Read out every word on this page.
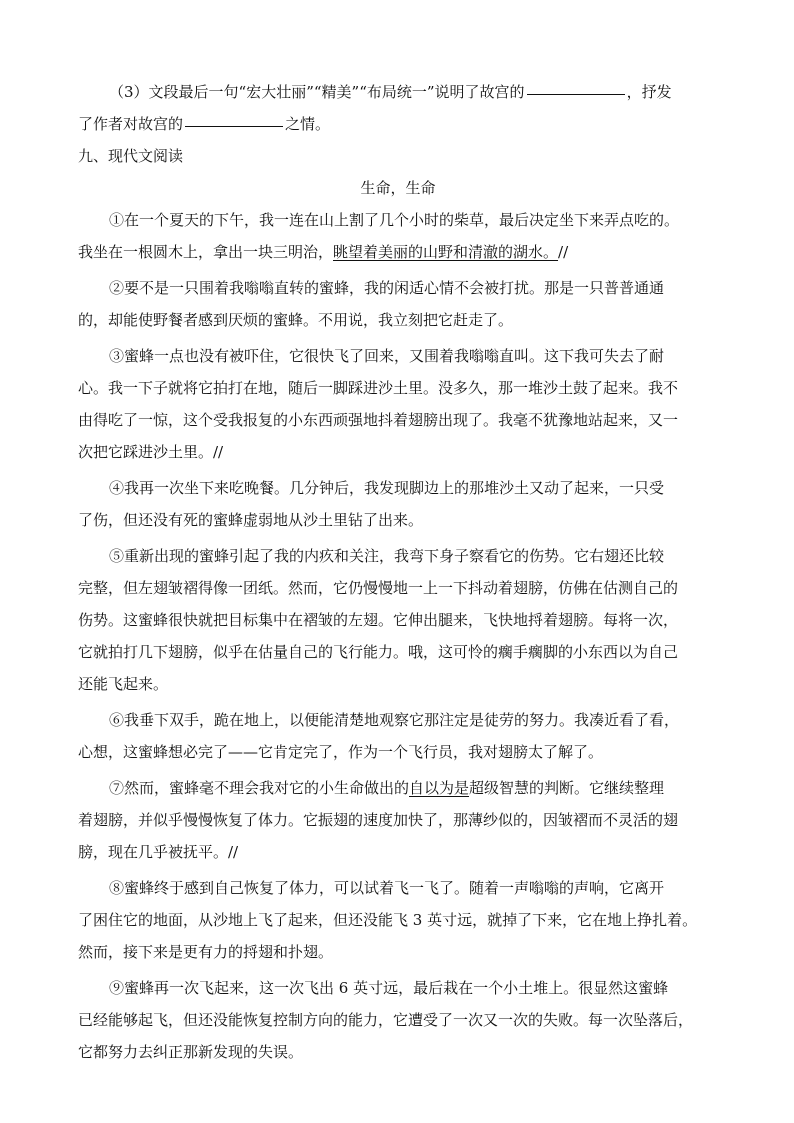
（3）文段最后一句“宏大壮丽”“精美”“布局统一”说明了故宫的	，抒发
了作者对故宫的	之情。
九、现代文阅读
生命，生命
①在一个夏天的下午，我一连在山上割了几个小时的柴草，最后决定坐下来弄点吃的。
我坐在一根圆木上，拿出一块三明治，眺望着美丽的山野和清澈的湖水。//
②要不是一只围着我嗡嗡直转的蜜蜂，我的闲适心情不会被打扰。那是一只普普通通
的，却能使野餐者感到厌烦的蜜蜂。不用说，我立刻把它赶走了。
③蜜蜂一点也没有被吓住，它很快飞了回来，又围着我嗡嗡直叫。这下我可失去了耐
心。我一下子就将它拍打在地，随后一脚踩进沙土里。没多久，那一堆沙土鼓了起来。我不
由得吃了一惊，这个受我报复的小东西顽强地抖着翅膀出现了。我毫不犹豫地站起来，又一
次把它踩进沙土里。//
④我再一次坐下来吃晚餐。几分钟后，我发现脚边上的那堆沙土又动了起来，一只受
了伤，但还没有死的蜜蜂虚弱地从沙土里钻了出来。
⑤重新出现的蜜蜂引起了我的内疚和关注，我弯下身子察看它的伤势。它右翅还比较
完整，但左翅皱褶得像一团纸。然而，它仍慢慢地一上一下抖动着翅膀，仿佛在估测自己的
伤势。这蜜蜂很快就把目标集中在褶皱的左翅。它伸出腿来，飞快地捋着翅膀。每将一次，
它就拍打几下翅膀，似乎在估量自己的飞行能力。哦，这可怜的瘸手瘸脚的小东西以为自己
还能飞起来。
⑥我垂下双手，跪在地上，以便能清楚地观察它那注定是徒劳的努力。我凑近看了看，
心想，这蜜蜂想必完了——它肯定完了，作为一个飞行员，我对翅膀太了解了。
⑦然而，蜜蜂毫不理会我对它的小生命做出的自以为是超级智慧的判断。它继续整理
着翅膀，并似乎慢慢恢复了体力。它振翅的速度加快了，那薄纱似的，因皱褶而不灵活的翅
膀，现在几乎被抚平。//
⑧蜜蜂终于感到自己恢复了体力，可以试着飞一飞了。随着一声嗡嗡的声响，它离开
了困住它的地面，从沙地上飞了起来，但还没能飞 3 英寸远，就掉了下来，它在地上挣扎着。
然而，接下来是更有力的捋翅和扑翅。
⑨蜜蜂再一次飞起来，这一次飞出 6 英寸远，最后栽在一个小土堆上。很显然这蜜蜂
已经能够起飞，但还没能恢复控制方向的能力，它遭受了一次又一次的失败。每一次坠落后，
它都努力去纠正那新发现的失误。
